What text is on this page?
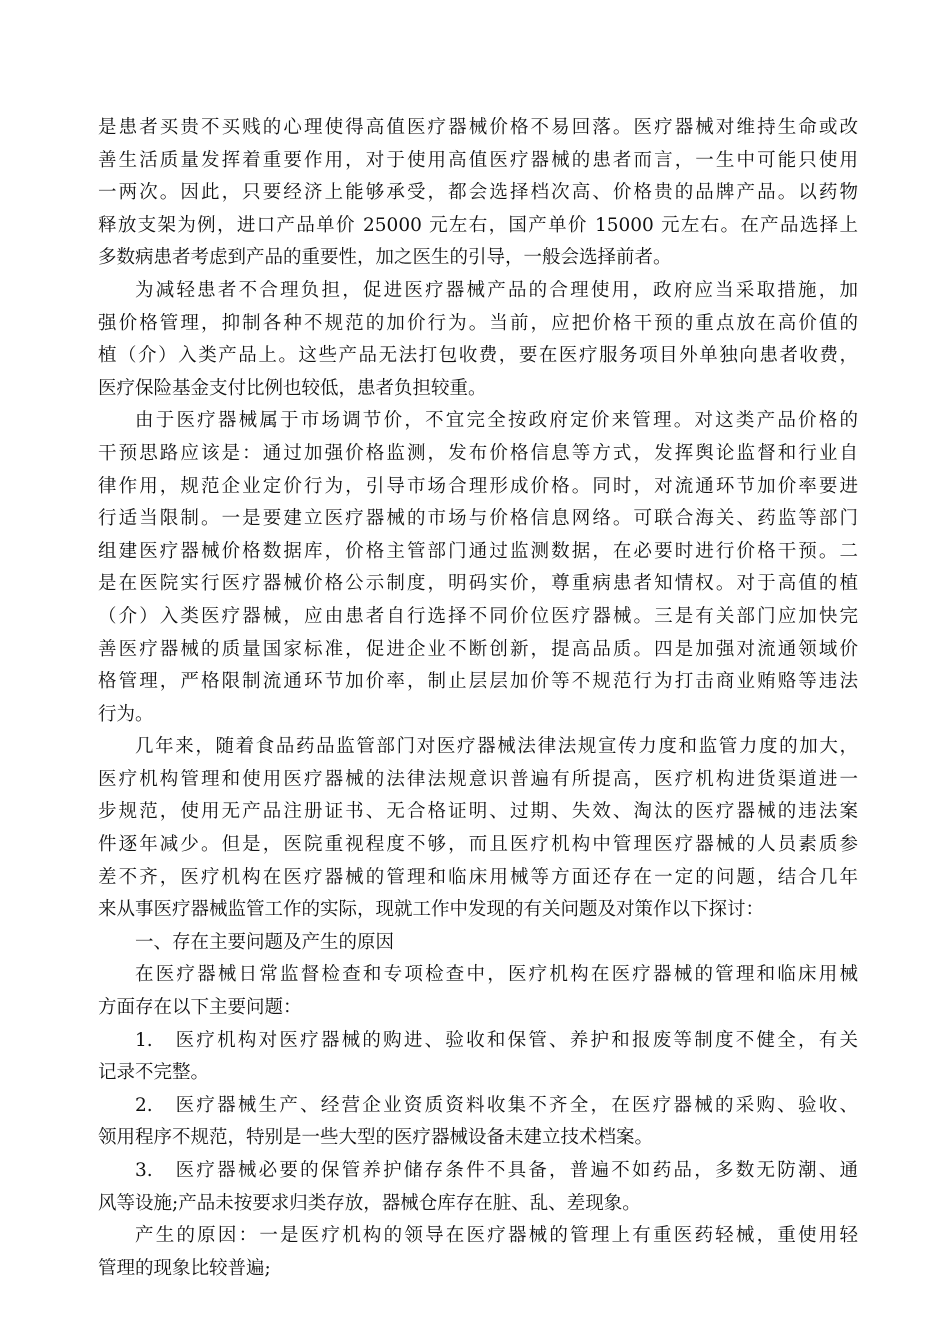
是患者买贵不买贱的心理使得高值医疗器械价格不易回落。医疗器械对维持生命或改
善生活质量发挥着重要作用，对于使用高值医疗器械的患者而言，一生中可能只使用
一两次。因此，只要经济上能够承受，都会选择档次高、价格贵的品牌产品。以药物
释放支架为例，进口产品单价 25000 元左右，国产单价 15000 元左右。在产品选择上
多数病患者考虑到产品的重要性，加之医生的引导，一般会选择前者。
为减轻患者不合理负担，促进医疗器械产品的合理使用，政府应当采取措施，加
强价格管理，抑制各种不规范的加价行为。当前，应把价格干预的重点放在高价值的
植（介）入类产品上。这些产品无法打包收费，要在医疗服务项目外单独向患者收费，
医疗保险基金支付比例也较低，患者负担较重。
由于医疗器械属于市场调节价，不宜完全按政府定价来管理。对这类产品价格的
干预思路应该是：通过加强价格监测，发布价格信息等方式，发挥舆论监督和行业自
律作用，规范企业定价行为，引导市场合理形成价格。同时，对流通环节加价率要进
行适当限制。一是要建立医疗器械的市场与价格信息网络。可联合海关、药监等部门
组建医疗器械价格数据库，价格主管部门通过监测数据，在必要时进行价格干预。二
是在医院实行医疗器械价格公示制度，明码实价，尊重病患者知情权。对于高值的植
（介）入类医疗器械，应由患者自行选择不同价位医疗器械。三是有关部门应加快完
善医疗器械的质量国家标准，促进企业不断创新，提高品质。四是加强对流通领域价
格管理，严格限制流通环节加价率，制止层层加价等不规范行为打击商业贿赂等违法
行为。
几年来，随着食品药品监管部门对医疗器械法律法规宣传力度和监管力度的加大，
医疗机构管理和使用医疗器械的法律法规意识普遍有所提高，医疗机构进货渠道进一
步规范，使用无产品注册证书、无合格证明、过期、失效、淘汰的医疗器械的违法案
件逐年减少。但是，医院重视程度不够，而且医疗机构中管理医疗器械的人员素质参
差不齐，医疗机构在医疗器械的管理和临床用械等方面还存在一定的问题，结合几年
来从事医疗器械监管工作的实际，现就工作中发现的有关问题及对策作以下探讨：
一、存在主要问题及产生的原因
在医疗器械日常监督检查和专项检查中，医疗机构在医疗器械的管理和临床用械
方面存在以下主要问题：
1.　医疗机构对医疗器械的购进、验收和保管、养护和报废等制度不健全，有关
记录不完整。
2.　医疗器械生产、经营企业资质资料收集不齐全，在医疗器械的采购、验收、
领用程序不规范，特别是一些大型的医疗器械设备未建立技术档案。
3.　医疗器械必要的保管养护储存条件不具备，普遍不如药品，多数无防潮、通
风等设施;产品未按要求归类存放，器械仓库存在脏、乱、差现象。
产生的原因：一是医疗机构的领导在医疗器械的管理上有重医药轻械，重使用轻
管理的现象比较普遍;
